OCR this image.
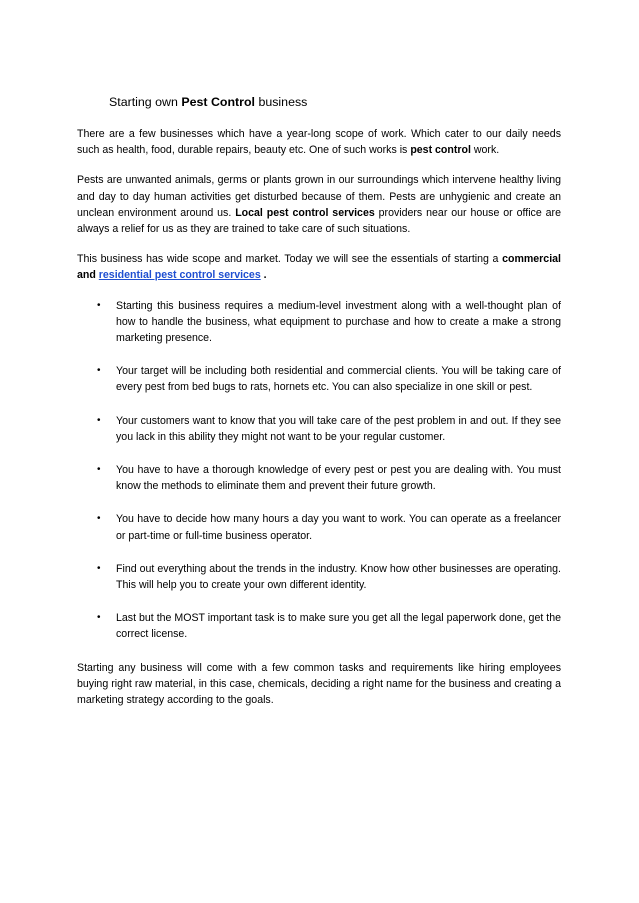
Starting own Pest Control business

There are a few businesses which have a year-long scope of work. Which cater to our daily needs such as health, food, durable repairs, beauty etc. One of such works is pest control work.

Pests are unwanted animals, germs or plants grown in our surroundings which intervene healthy living and day to day human activities get disturbed because of them. Pests are unhygienic and create an unclean environment around us. Local pest control services providers near our house or office are always a relief for us as they are trained to take care of such situations.

This business has wide scope and market. Today we will see the essentials of starting a commercial and residential pest control services .

• Starting this business requires a medium-level investment along with a well-thought plan of how to handle the business, what equipment to purchase and how to create a make a strong marketing presence.
• Your target will be including both residential and commercial clients. You will be taking care of every pest from bed bugs to rats, hornets etc. You can also specialize in one skill or pest.
• Your customers want to know that you will take care of the pest problem in and out. If they see you lack in this ability they might not want to be your regular customer.
• You have to have a thorough knowledge of every pest or pest you are dealing with. You must know the methods to eliminate them and prevent their future growth.
• You have to decide how many hours a day you want to work. You can operate as a freelancer or part-time or full-time business operator.
• Find out everything about the trends in the industry. Know how other businesses are operating. This will help you to create your own different identity.
• Last but the MOST important task is to make sure you get all the legal paperwork done, get the correct license.

Starting any business will come with a few common tasks and requirements like hiring employees buying right raw material, in this case, chemicals, deciding a right name for the business and creating a marketing strategy according to the goals.
